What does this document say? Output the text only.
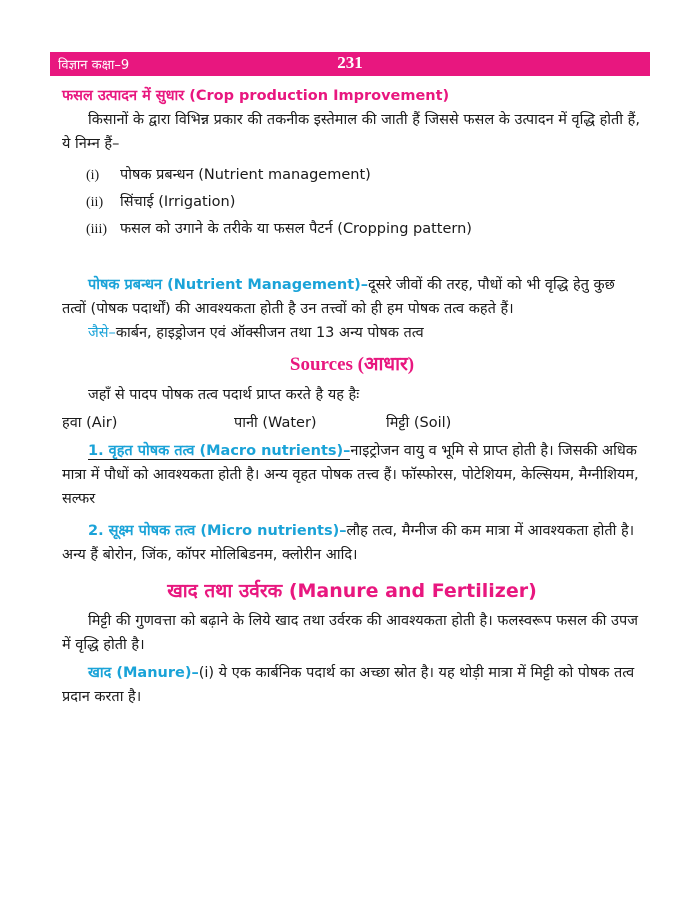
विज्ञान कक्षा–9	231

फसल उत्पादन में सुधार (Crop production Improvement)

किसानों के द्वारा विभिन्न प्रकार की तकनीक इस्तेमाल की जाती हैं जिससे फसल के उत्पादन में वृद्धि होती हैं, ये निम्न हैं–

(i)	पोषक प्रबन्धन (Nutrient management)
(ii)	सिंचाई (Irrigation)
(iii) फसल को उगाने के तरीके या फसल पैटर्न (Cropping pattern)

पोषक प्रबन्धन (Nutrient Management)–दूसरे जीवों की तरह, पौधों को भी वृद्धि हेतु कुछ तत्वों (पोषक पदार्थों) की आवश्यकता होती है उन तत्त्वों को ही हम पोषक तत्व कहते हैं।

जैसे–कार्बन, हाइड्रोजन एवं ऑक्सीजन तथा 13 अन्य पोषक तत्व

Sources (आधार)

जहाँ से पादप पोषक तत्व पदार्थ प्राप्त करते है यह हैः

हवा (Air)	पानी (Water)	मिट्टी (Soil)

1. वृहत पोषक तत्व (Macro nutrients)–नाइट्रोजन वायु व भूमि से प्राप्त होती है। जिसकी अधिक मात्रा में पौधों को आवश्यकता होती है। अन्य वृहत पोषक तत्त्व हैं। फॉस्फोरस, पोटेशियम, केल्सियम, मैग्नीशियम, सल्फर

2. सूक्ष्म पोषक तत्व (Micro nutrients)–लौह तत्व, मैग्नीज की कम मात्रा में आवश्यकता होती है।अन्य हैं बोरोन, जिंक, कॉपर मोलिबिडनम, क्लोरीन आदि।

खाद तथा उर्वरक (Manure and Fertilizer)

मिट्टी की गुणवत्ता को बढ़ाने के लिये खाद तथा उर्वरक की आवश्यकता होती है। फलस्वरूप फसल की उपज में वृद्धि होती है।

खाद (Manure)–(i) ये एक कार्बनिक पदार्थ का अच्छा स्रोत है। यह थोड़ी मात्रा में मिट्टी को पोषक तत्व प्रदान करता है।
